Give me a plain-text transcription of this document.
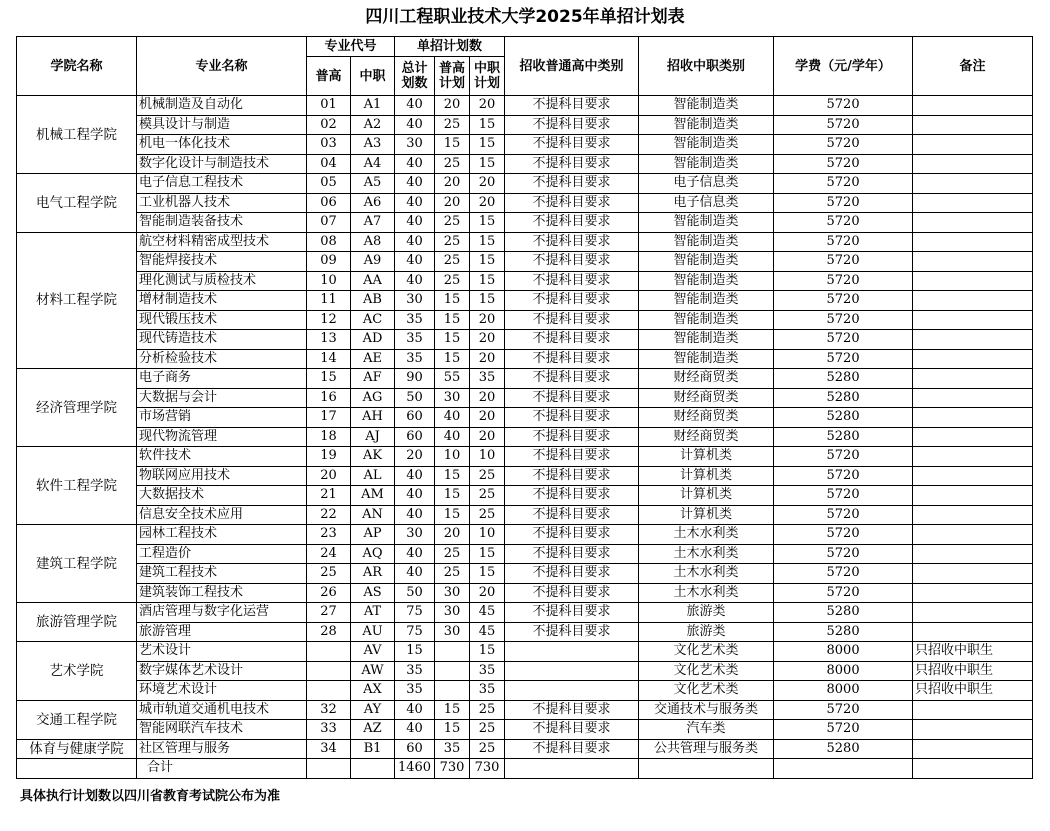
四川工程职业技术大学2025年单招计划表
学院名称	专业名称	专业代号		单招计划数			招收普通高中类别	招收中职类别	学费（元/学年）	备注
		普高	中职	总计划数	普高计划	中职计划				
机械工程学院	机械制造及自动化	01	A1	40	20	20	不提科目要求	智能制造类	5720	
	模具设计与制造	02	A2	40	25	15	不提科目要求	智能制造类	5720	
	机电一体化技术	03	A3	30	15	15	不提科目要求	智能制造类	5720	
	数字化设计与制造技术	04	A4	40	25	15	不提科目要求	智能制造类	5720	
电气工程学院	电子信息工程技术	05	A5	40	20	20	不提科目要求	电子信息类	5720	
	工业机器人技术	06	A6	40	20	20	不提科目要求	电子信息类	5720	
	智能制造装备技术	07	A7	40	25	15	不提科目要求	智能制造类	5720	
材料工程学院	航空材料精密成型技术	08	A8	40	25	15	不提科目要求	智能制造类	5720	
	智能焊接技术	09	A9	40	25	15	不提科目要求	智能制造类	5720	
	理化测试与质检技术	10	AA	40	25	15	不提科目要求	智能制造类	5720	
	增材制造技术	11	AB	30	15	15	不提科目要求	智能制造类	5720	
	现代锻压技术	12	AC	35	15	20	不提科目要求	智能制造类	5720	
	现代铸造技术	13	AD	35	15	20	不提科目要求	智能制造类	5720	
	分析检验技术	14	AE	35	15	20	不提科目要求	智能制造类	5720	
经济管理学院	电子商务	15	AF	90	55	35	不提科目要求	财经商贸类	5280	
	大数据与会计	16	AG	50	30	20	不提科目要求	财经商贸类	5280	
	市场营销	17	AH	60	40	20	不提科目要求	财经商贸类	5280	
	现代物流管理	18	AJ	60	40	20	不提科目要求	财经商贸类	5280	
软件工程学院	软件技术	19	AK	20	10	10	不提科目要求	计算机类	5720	
	物联网应用技术	20	AL	40	15	25	不提科目要求	计算机类	5720	
	大数据技术	21	AM	40	15	25	不提科目要求	计算机类	5720	
	信息安全技术应用	22	AN	40	15	25	不提科目要求	计算机类	5720	
建筑工程学院	园林工程技术	23	AP	30	20	10	不提科目要求	土木水利类	5720	
	工程造价	24	AQ	40	25	15	不提科目要求	土木水利类	5720	
	建筑工程技术	25	AR	40	25	15	不提科目要求	土木水利类	5720	
	建筑装饰工程技术	26	AS	50	30	20	不提科目要求	土木水利类	5720	
旅游管理学院	酒店管理与数字化运营	27	AT	75	30	45	不提科目要求	旅游类	5280	
	旅游管理	28	AU	75	30	45	不提科目要求	旅游类	5280	
艺术学院	艺术设计		AV	15		15		文化艺术类	8000	只招收中职生
	数字媒体艺术设计		AW	35		35		文化艺术类	8000	只招收中职生
	环境艺术设计		AX	35		35		文化艺术类	8000	只招收中职生
交通工程学院	城市轨道交通机电技术	32	AY	40	15	25	不提科目要求	交通技术与服务类	5720	
	智能网联汽车技术	33	AZ	40	15	25	不提科目要求	汽车类	5720	
体育与健康学院	社区管理与服务	34	B1	60	35	25	不提科目要求	公共管理与服务类	5280	
	合计			1460	730	730				
具体执行计划数以四川省教育考试院公布为准
